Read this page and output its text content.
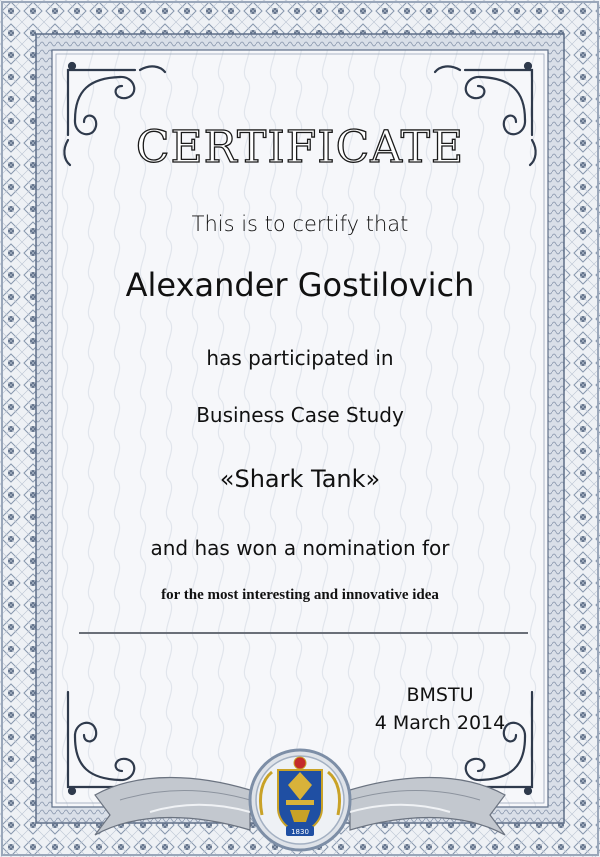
1830
CERTIFICATE
This is to certify that
Alexander Gostilovich
has participated in
Business Case Study
«Shark Tank»
and has won a nomination for
for the most interesting and innovative idea
BMSTU
4 March 2014
